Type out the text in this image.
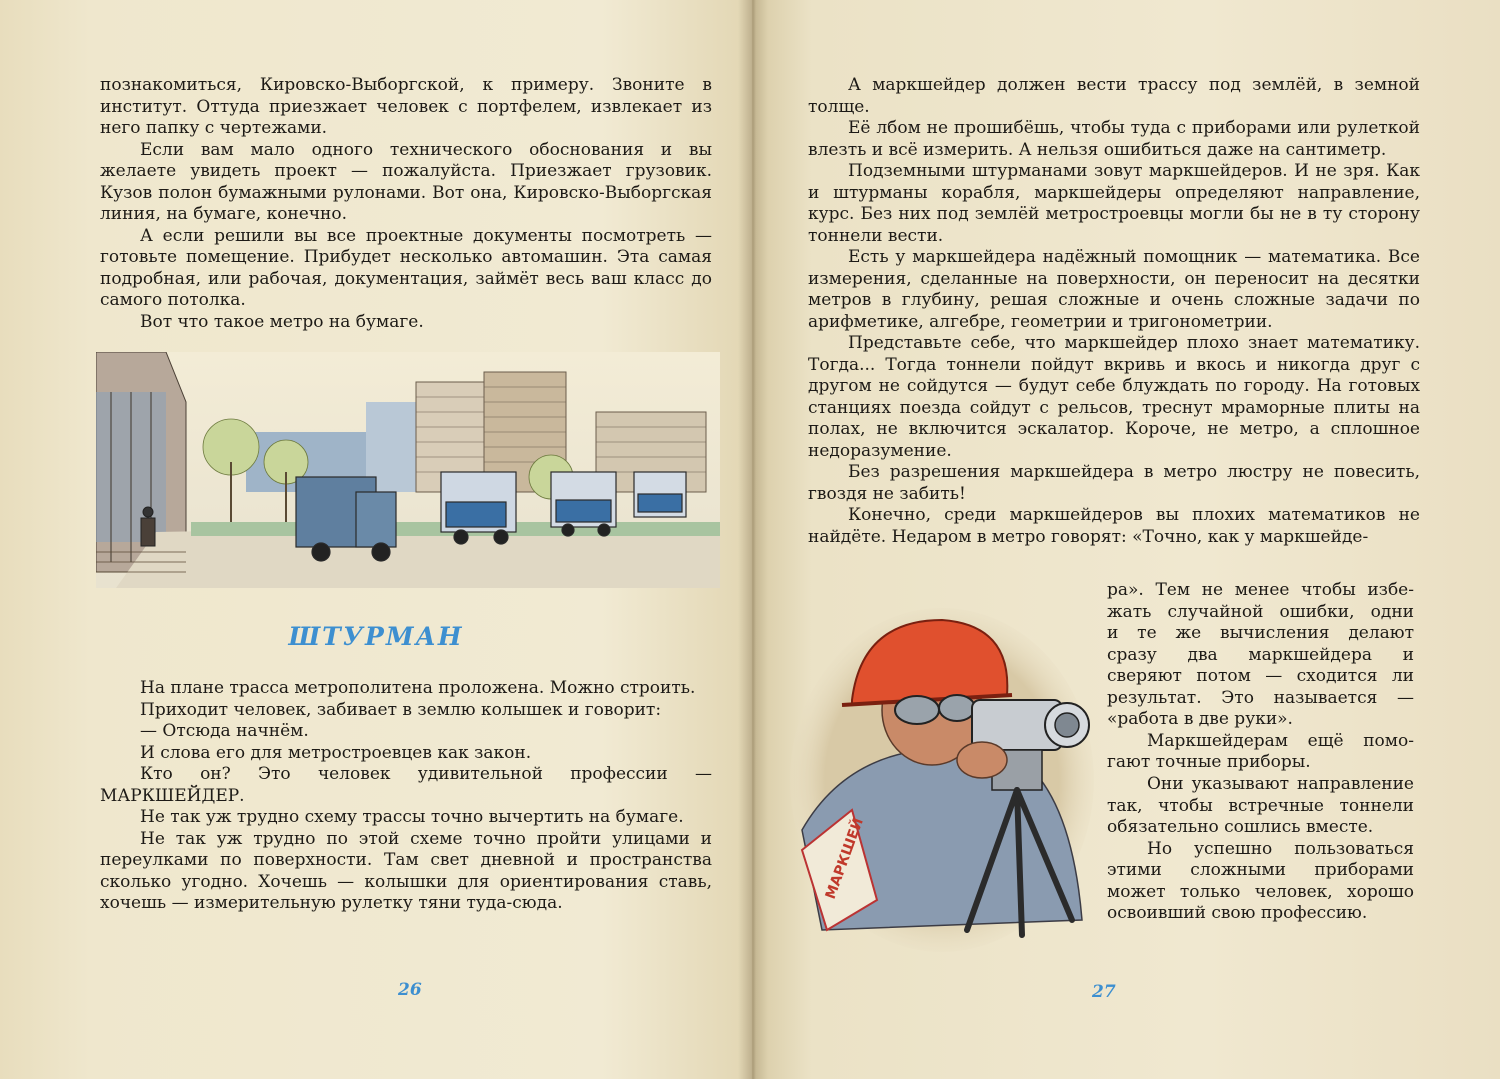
познакомиться, Кировско-Выборгской, к примеру. Звоните в институт. Оттуда приезжает человек с портфелем, извлекает из него папку с чертежами.

Если вам мало одного технического обоснования и вы желаете увидеть проект — пожалуйста. Приезжает грузовик. Кузов полон бумажными рулонами. Вот она, Кировско-Выборгская линия, на бумаге, конечно.

А если решили вы все проектные документы посмотреть — готовьте помещение. Прибудет несколько автомашин. Эта самая подробная, или рабочая, документация, займёт весь ваш класс до самого потолка.

Вот что такое метро на бумаге.

ШТУРМАН

На плане трасса метрополитена проложена. Можно строить.

Приходит человек, забивает в землю колышек и говорит:

— Отсюда начнём.

И слова его для метростроевцев как закон.

Кто он? Это человек удивительной профессии — МАРКШЕЙДЕР.

Не так уж трудно схему трассы точно вычертить на бумаге.

Не так уж трудно по этой схеме точно пройти улицами и переулками по поверхности. Там свет дневной и пространства сколько угодно. Хочешь — колышки для ориентирования ставь, хочешь — измерительную рулетку тяни туда-сюда.

26

А маркшейдер должен вести трассу под землёй, в земной толще.

Её лбом не прошибёшь, чтобы туда с приборами или рулеткой влезть и всё измерить. А нельзя ошибиться даже на сантиметр.

Подземными штурманами зовут маркшейдеров. И не зря. Как и штурманы корабля, маркшейдеры определяют направление, курс. Без них под землёй метростроевцы могли бы не в ту сторону тоннели вести.

Есть у маркшейдера надёжный помощник — математика. Все измерения, сделанные на поверхности, он переносит на десятки метров в глубину, решая сложные и очень сложные задачи по арифметике, алгебре, геометрии и тригонометрии.

Представьте себе, что маркшейдер плохо знает математику. Тогда... Тогда тоннели пойдут вкривь и вкось и никогда друг с другом не сойдутся — будут себе блуждать по городу. На готовых станциях поезда сойдут с рельсов, треснут мраморные плиты на полах, не включится эскалатор. Короче, не метро, а сплошное недоразумение.

Без разрешения маркшейдера в метро люстру не повесить, гвоздя не забить!

Конечно, среди маркшейдеров вы плохих математиков не найдёте. Недаром в метро говорят: «Точно, как у маркшейде-

МАРКШЕЙ

ра». Тем не менее чтобы избе-

жать случайной ошибки, одни

и те же вычисления делают

сразу два маркшейдера и

сверяют потом — сходится ли

результат. Это называется —

«работа в две руки».

Маркшейдерам ещё помо-

гают точные приборы.

Они указывают направление так, чтобы встречные тоннели обязательно сошлись вместе.

Но успешно пользоваться этими сложными приборами может только человек, хорошо освоивший свою профессию.

27
